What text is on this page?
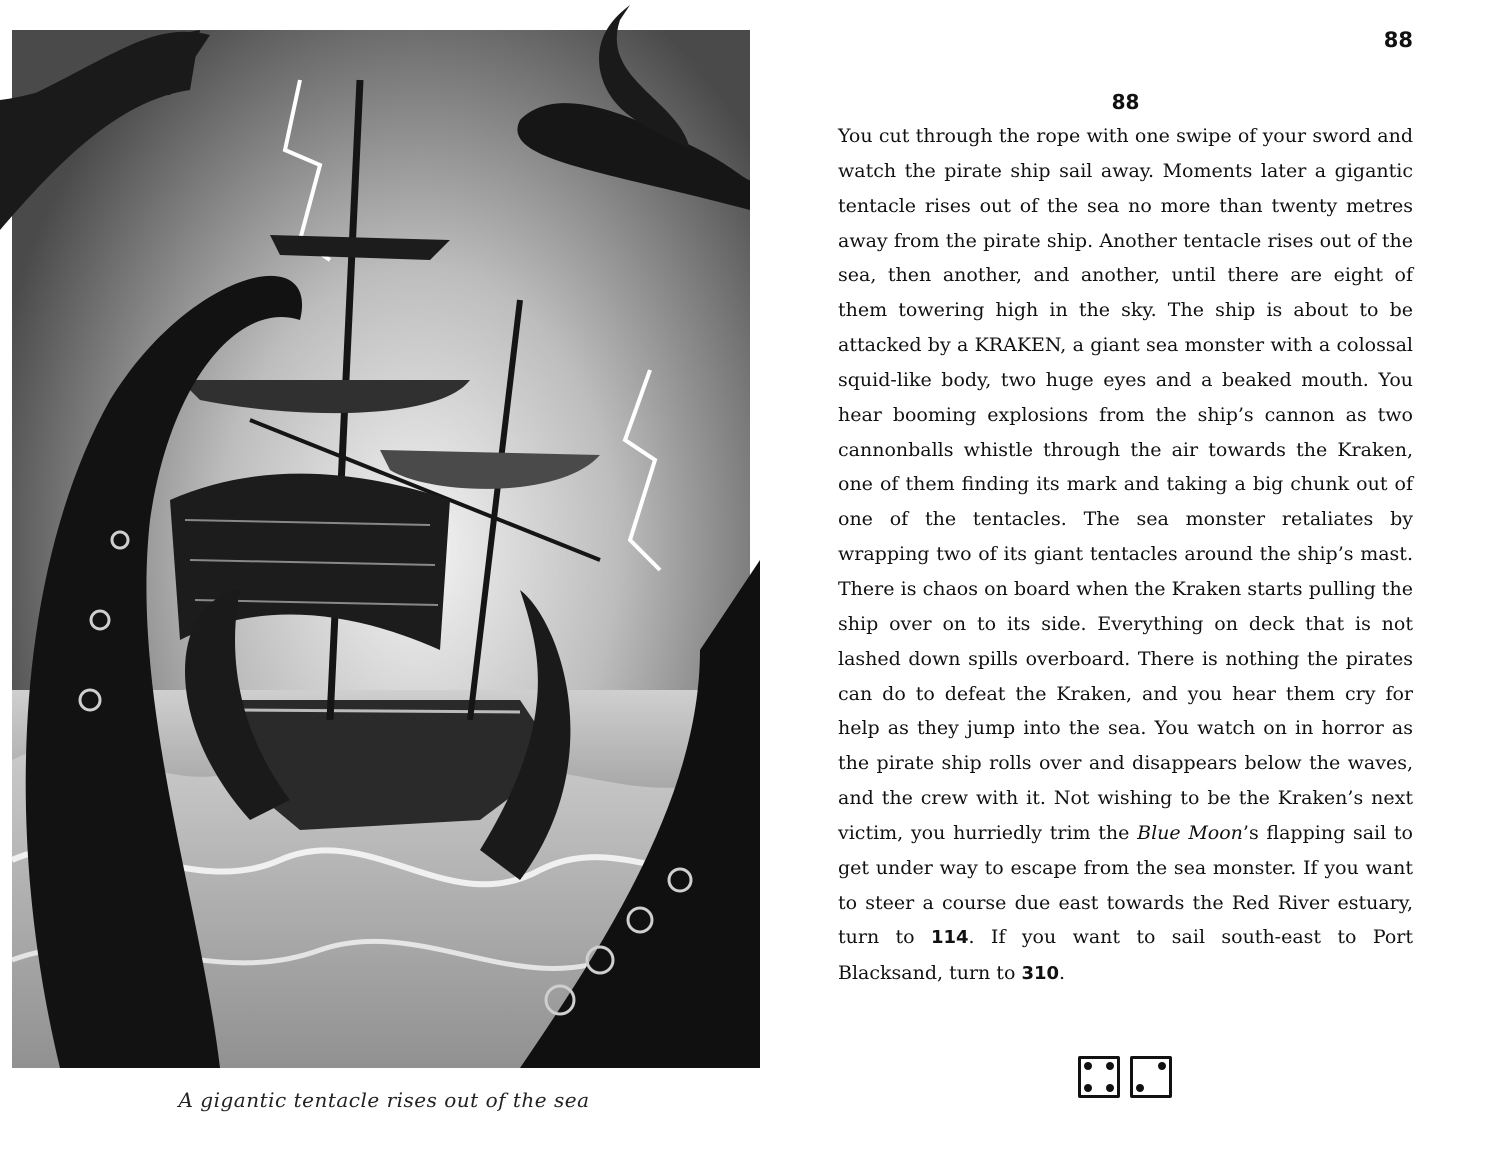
A gigantic tentacle rises out of the sea
88
88

You cut through the rope with one swipe of your sword and watch the pirate ship sail away. Moments later a gigantic tentacle rises out of the sea no more than twenty metres away from the pirate ship. Another tentacle rises out of the sea, then another, and another, until there are eight of them towering high in the sky. The ship is about to be attacked by a KRAKEN, a giant sea monster with a colossal squid-like body, two huge eyes and a beaked mouth. You hear booming explosions from the ship’s cannon as two cannonballs whistle through the air towards the Kraken, one of them finding its mark and taking a big chunk out of one of the tentacles. The sea monster retaliates by wrapping two of its giant tentacles around the ship’s mast. There is chaos on board when the Kraken starts pulling the ship over on to its side. Everything on deck that is not lashed down spills overboard. There is nothing the pirates can do to defeat the Kraken, and you hear them cry for help as they jump into the sea. You watch on in horror as the pirate ship rolls over and disappears below the waves, and the crew with it. Not wishing to be the Kraken’s next victim, you hurriedly trim the Blue Moon’s flapping sail to get under way to escape from the sea monster. If you want to steer a course due east towards the Red River estuary, turn to 114. If you want to sail south-east to Port Blacksand, turn to 310.
